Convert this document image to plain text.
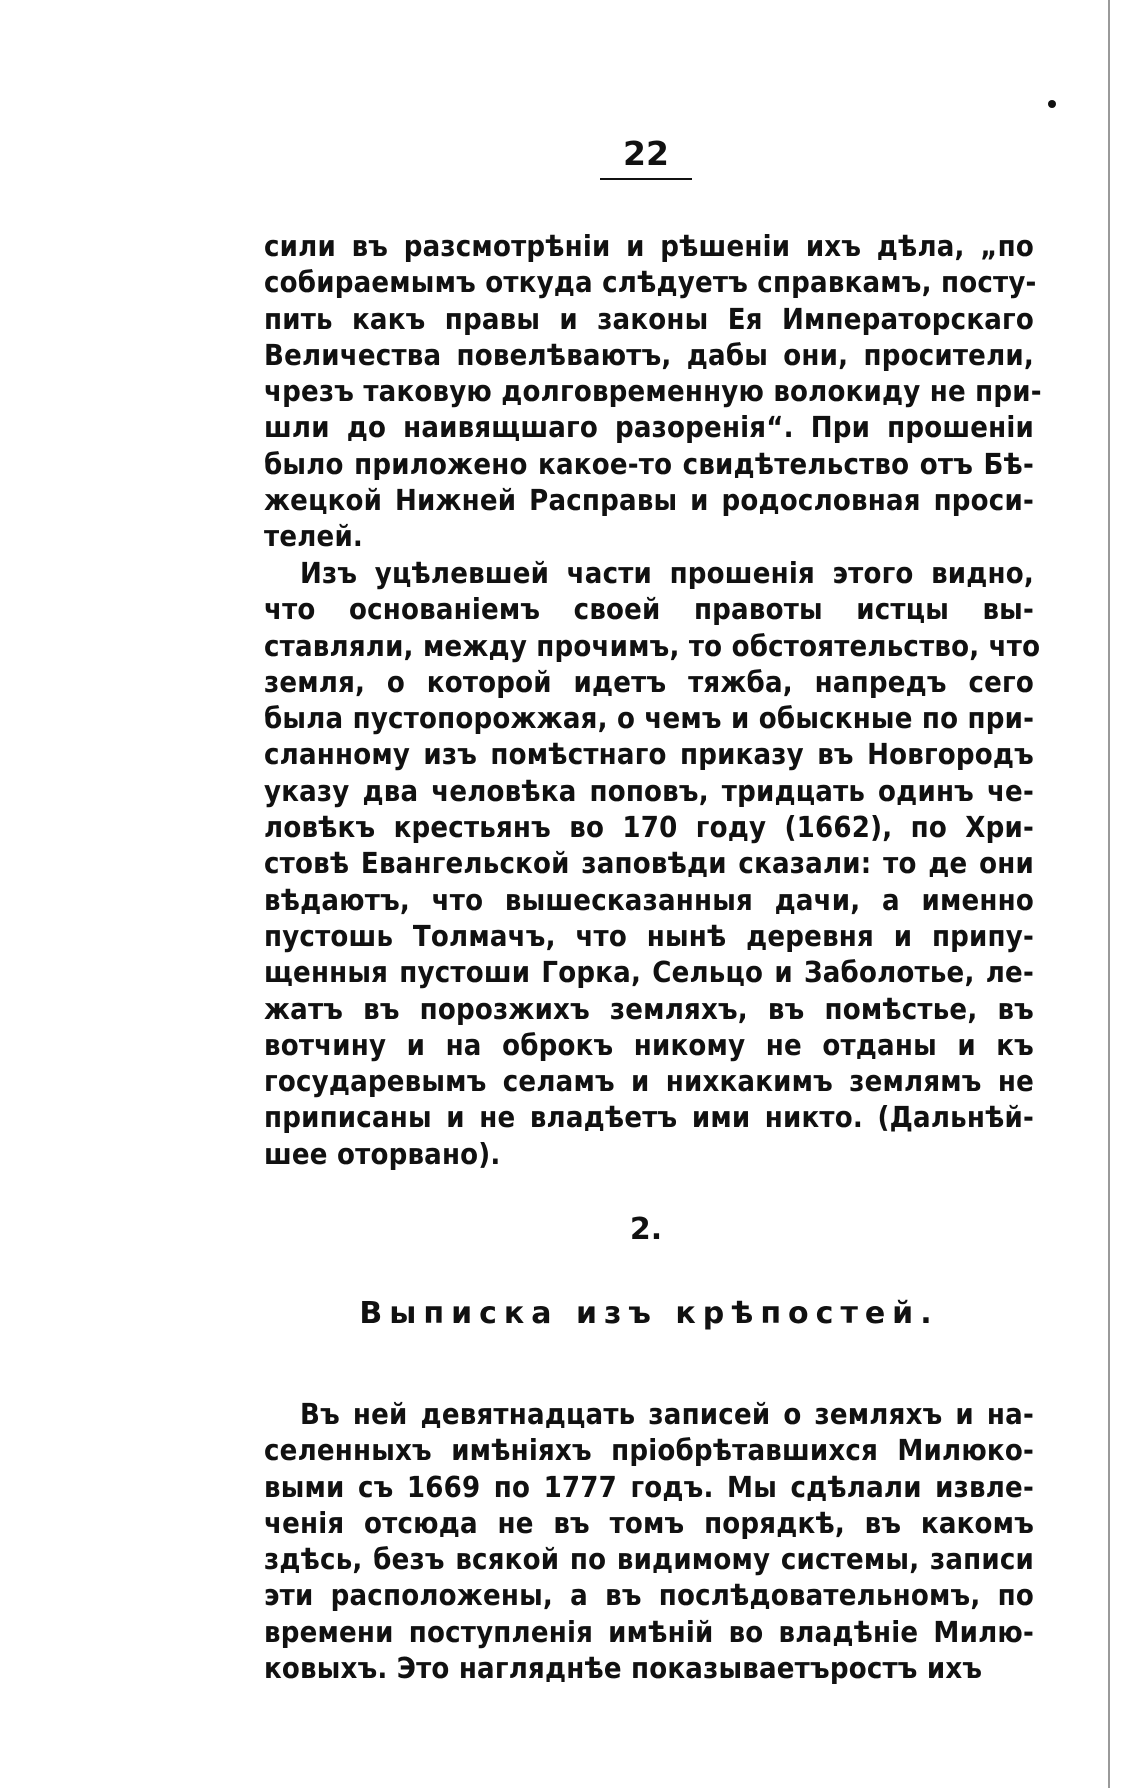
22
сили въ разсмотрѣніи и рѣшеніи ихъ дѣла, „по
собираемымъ откуда слѣдуетъ справкамъ, посту-
пить какъ правы и законы Ея Императорскаго
Величества повелѣваютъ, дабы они, просители,
чрезъ таковую долговременную волокиду не при-
шли до наивящшаго разоренія“. При прошеніи
было приложено какое-то свидѣтельство отъ Бѣ-
жецкой Нижней Расправы и родословная проси-
телей.
Изъ уцѣлевшей части прошенія этого видно,
что основаніемъ своей правоты истцы вы-
ставляли, между прочимъ, то обстоятельство, что
земля, о которой идетъ тяжба, напредъ сего
была пустопорожжая, о чемъ и обыскные по при-
сланному изъ помѣстнаго приказу въ Новгородъ
указу два человѣка поповъ, тридцать одинъ че-
ловѣкъ крестьянъ во 170 году (1662), по Хри-
стовѣ Евангельской заповѣди сказали: то де они
вѣдаютъ, что вышесказанныя дачи, а именно
пустошь Толмачъ, что нынѣ деревня и припу-
щенныя пустоши Горка, Сельцо и Заболотье, ле-
жатъ въ порозжихъ земляхъ, въ помѣстье, въ
вотчину и на оброкъ никому не отданы и къ
государевымъ селамъ и нихкакимъ землямъ не
приписаны и не владѣетъ ими никто. (Дальнѣй-
шее оторвано).
2.
Выписка изъ крѣпостей.
Въ ней девятнадцать записей о земляхъ и на-
селенныхъ имѣніяхъ пріобрѣтавшихся Милюко-
выми съ 1669 по 1777 годъ. Мы сдѣлали извле-
ченія отсюда не въ томъ порядкѣ, въ какомъ
здѣсь, безъ всякой по видимому системы, записи
эти расположены, а въ послѣдовательномъ, по
времени поступленія имѣній во владѣніе Милю-
ковыхъ. Это нагляднѣе показываетъростъ ихъ
